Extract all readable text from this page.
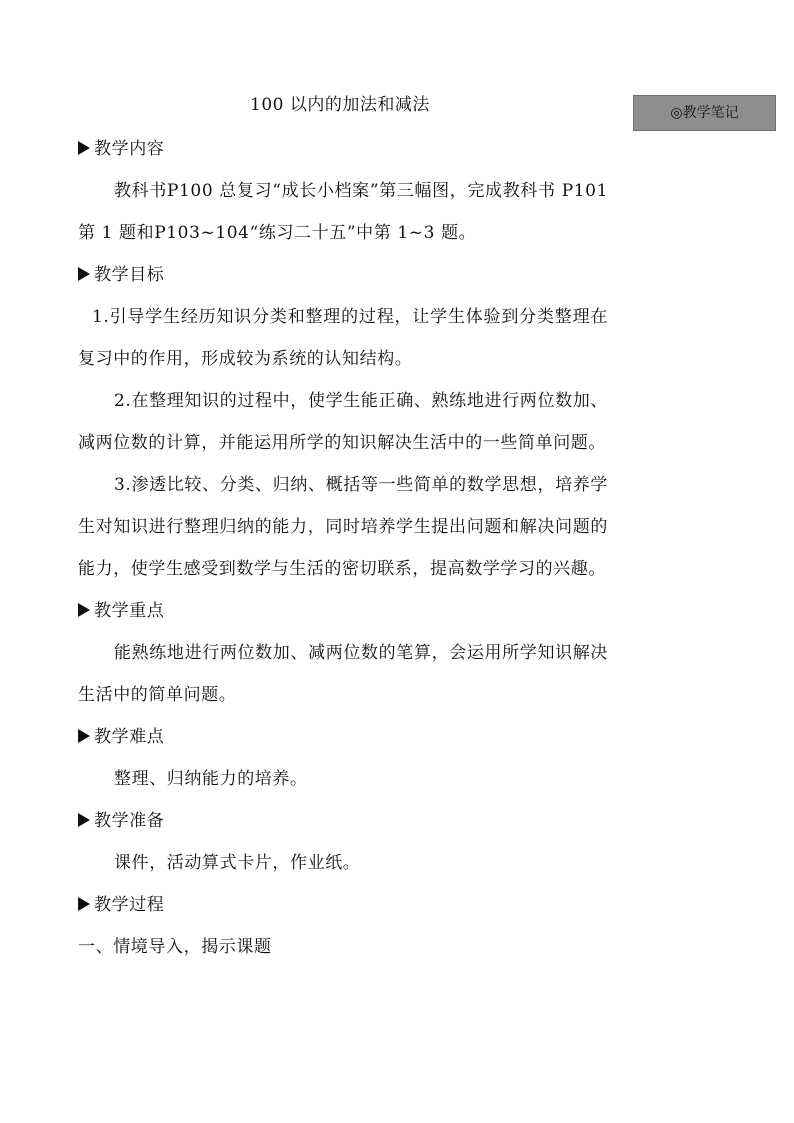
100 以内的加法和减法	◎教学笔记
教学内容

教科书P100 总复习“成长小档案”第三幅图，完成教科书 P101 第 1 题和P103~104“练习二十五”中第 1~3 题。

教学目标

1.引导学生经历知识分类和整理的过程，让学生体验到分类整理在复习中的作用，形成较为系统的认知结构。

2.在整理知识的过程中，使学生能正确、熟练地进行两位数加、减两位数的计算，并能运用所学的知识解决生活中的一些简单问题。

3.渗透比较、分类、归纳、概括等一些简单的数学思想，培养学生对知识进行整理归纳的能力，同时培养学生提出问题和解决问题的能力，使学生感受到数学与生活的密切联系，提高数学学习的兴趣。

教学重点

能熟练地进行两位数加、减两位数的笔算，会运用所学知识解决生活中的简单问题。

教学难点

整理、归纳能力的培养。

教学准备

课件，活动算式卡片，作业纸。

教学过程

一、情境导入，揭示课题
